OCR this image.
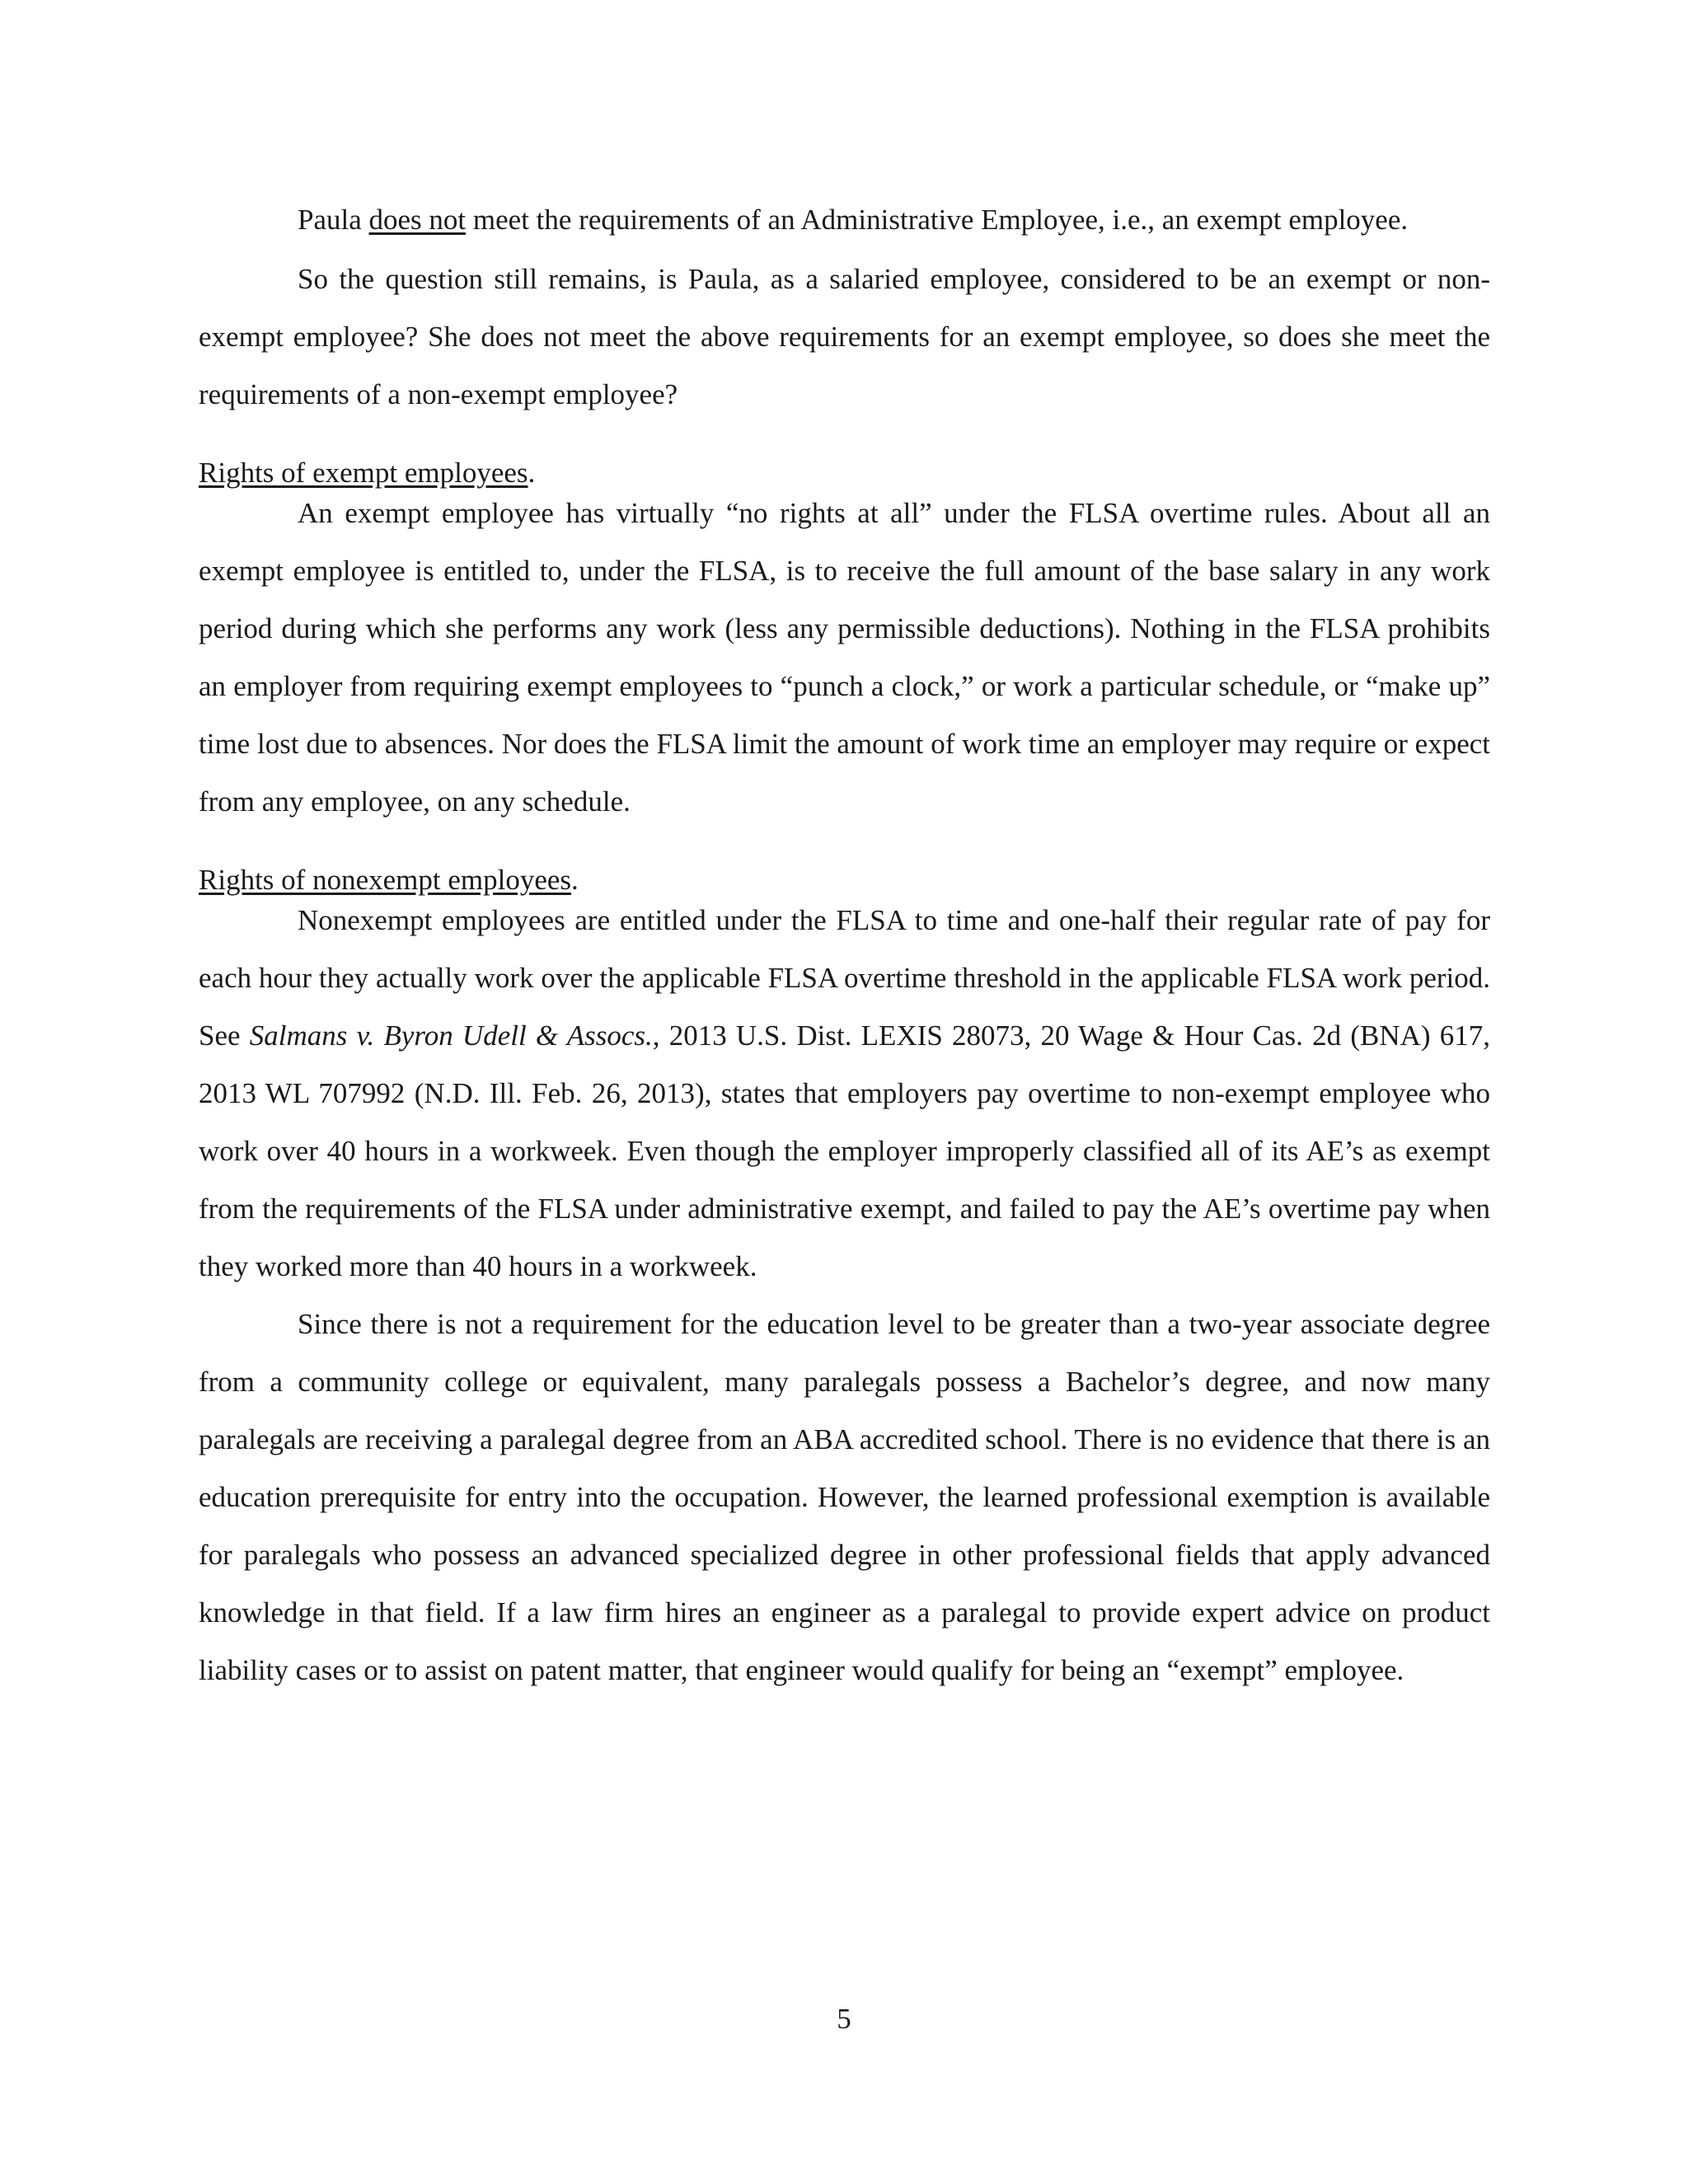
Paula does not meet the requirements of an Administrative Employee, i.e., an exempt employee.

So the question still remains, is Paula, as a salaried employee, considered to be an exempt or non-exempt employee? She does not meet the above requirements for an exempt employee, so does she meet the requirements of a non-exempt employee?

Rights of exempt employees.

An exempt employee has virtually “no rights at all” under the FLSA overtime rules. About all an exempt employee is entitled to, under the FLSA, is to receive the full amount of the base salary in any work period during which she performs any work (less any permissible deductions). Nothing in the FLSA prohibits an employer from requiring exempt employees to “punch a clock,” or work a particular schedule, or “make up” time lost due to absences. Nor does the FLSA limit the amount of work time an employer may require or expect from any employee, on any schedule.

Rights of nonexempt employees.

Nonexempt employees are entitled under the FLSA to time and one-half their regular rate of pay for each hour they actually work over the applicable FLSA overtime threshold in the applicable FLSA work period. See Salmans v. Byron Udell & Assocs., 2013 U.S. Dist. LEXIS 28073, 20 Wage & Hour Cas. 2d (BNA) 617, 2013 WL 707992 (N.D. Ill. Feb. 26, 2013), states that employers pay overtime to non-exempt employee who work over 40 hours in a workweek. Even though the employer improperly classified all of its AE’s as exempt from the requirements of the FLSA under administrative exempt, and failed to pay the AE’s overtime pay when they worked more than 40 hours in a workweek.

Since there is not a requirement for the education level to be greater than a two-year associate degree from a community college or equivalent, many paralegals possess a Bachelor’s degree, and now many paralegals are receiving a paralegal degree from an ABA accredited school. There is no evidence that there is an education prerequisite for entry into the occupation. However, the learned professional exemption is available for paralegals who possess an advanced specialized degree in other professional fields that apply advanced knowledge in that field. If a law firm hires an engineer as a paralegal to provide expert advice on product liability cases or to assist on patent matter, that engineer would qualify for being an “exempt” employee.

5
